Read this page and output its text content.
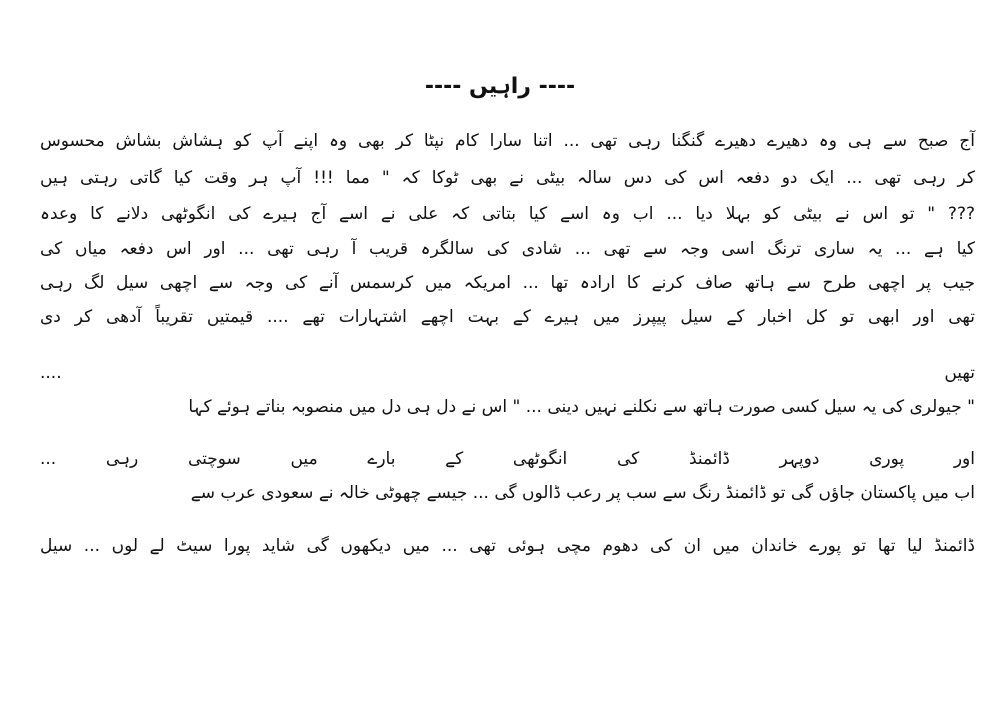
---- راہیں ----
آج صبح سے ہی وہ دھیرے دھیرے گنگنا رہی تھی ... اتنا سارا کام نپٹا کر بھی وہ اپنے آپ کو ہشاش بشاش محسوس
کر رہی تھی ... ایک دو دفعہ اس کی دس سالہ بیٹی نے بھی ٹوکا کہ " مما !!! آپ ہر وقت کیا گاتی رہتی ہیں
??? " تو اس نے بیٹی کو بہلا دیا ... اب وہ اسے کیا بتاتی کہ علی نے اسے آج ہیرے کی انگوٹھی دلانے کا وعدہ
کیا ہے ... یہ ساری ترنگ اسی وجہ سے تھی ... شادی کی سالگرہ قریب آ رہی تھی ... اور اس دفعہ میاں کی
جیب پر اچھی طرح سے ہاتھ صاف کرنے کا ارادہ تھا ... امریکہ میں کرسمس آنے کی وجہ سے اچھی سیل لگ رہی
تھی اور ابھی تو کل اخبار کے سیل پیپرز میں ہیرے کے بہت اچھے اشتہارات تھے .... قیمتیں تقریباً آدھی کر دی
تھیں ....
" جیولری کی یہ سیل کسی صورت ہاتھ سے نکلنے نہیں دینی ... " اس نے دل ہی دل میں منصوبہ بناتے ہوئے کہا
اور پوری دوپہر ڈائمنڈ کی انگوٹھی کے بارے میں سوچتی رہی ...
اب میں پاکستان جاؤں گی تو ڈائمنڈ رنگ سے سب پر رعب ڈالوں گی ... جیسے چھوٹی خالہ نے سعودی عرب سے
ڈائمنڈ لیا تھا تو پورے خاندان میں ان کی دھوم مچی ہوئی تھی ... میں دیکھوں گی شاید پورا سیٹ لے لوں ... سیل
